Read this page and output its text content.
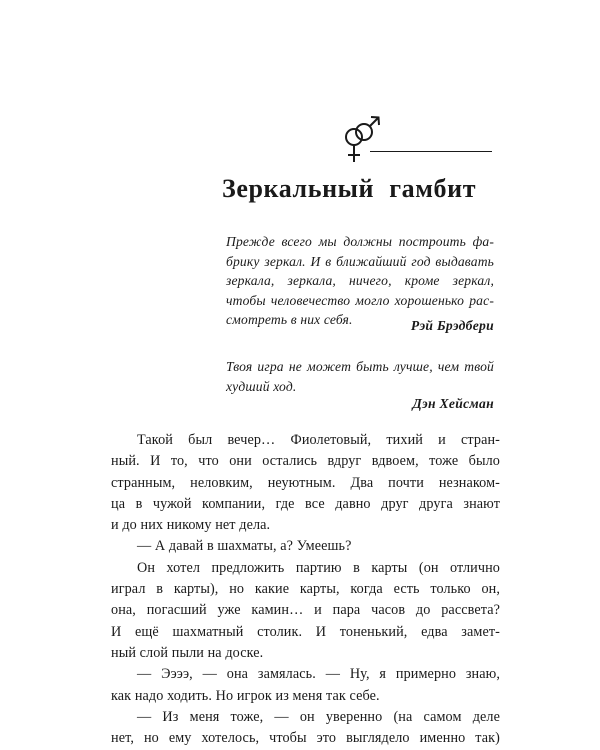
Зеркальный гамбит
Прежде всего мы должны построить фа-
брику зеркал. И в ближайший год выдавать
зеркала, зеркала, ничего, кроме зеркал,
чтобы человечество могло хорошенько рас-
смотреть в них себя.	Рэй Брэдбери
Твоя игра не может быть лучше, чем твой
худший ход.
Дэн Хейсман
Такой был вечер… Фиолетовый, тихий и стран-
ный. И то, что они остались вдруг вдвоем, тоже было
странным, неловким, неуютным. Два почти незнаком-
ца в чужой компании, где все давно друг друга знают
и до них никому нет дела.
— А давай в шахматы, а? Умеешь?
Он хотел предложить партию в карты (он отлично
играл в карты), но какие карты, когда есть только он,
она, погасший уже камин… и пара часов до рассвета?
И ещё шахматный столик. И тоненький, едва замет-
ный слой пыли на доске.
— Ээээ, — она замялась. — Ну, я примерно знаю,
как надо ходить. Но игрок из меня так себе.
— Из меня тоже, — он уверенно (на самом деле
нет, но ему хотелось, чтобы это выглядело именно так)
